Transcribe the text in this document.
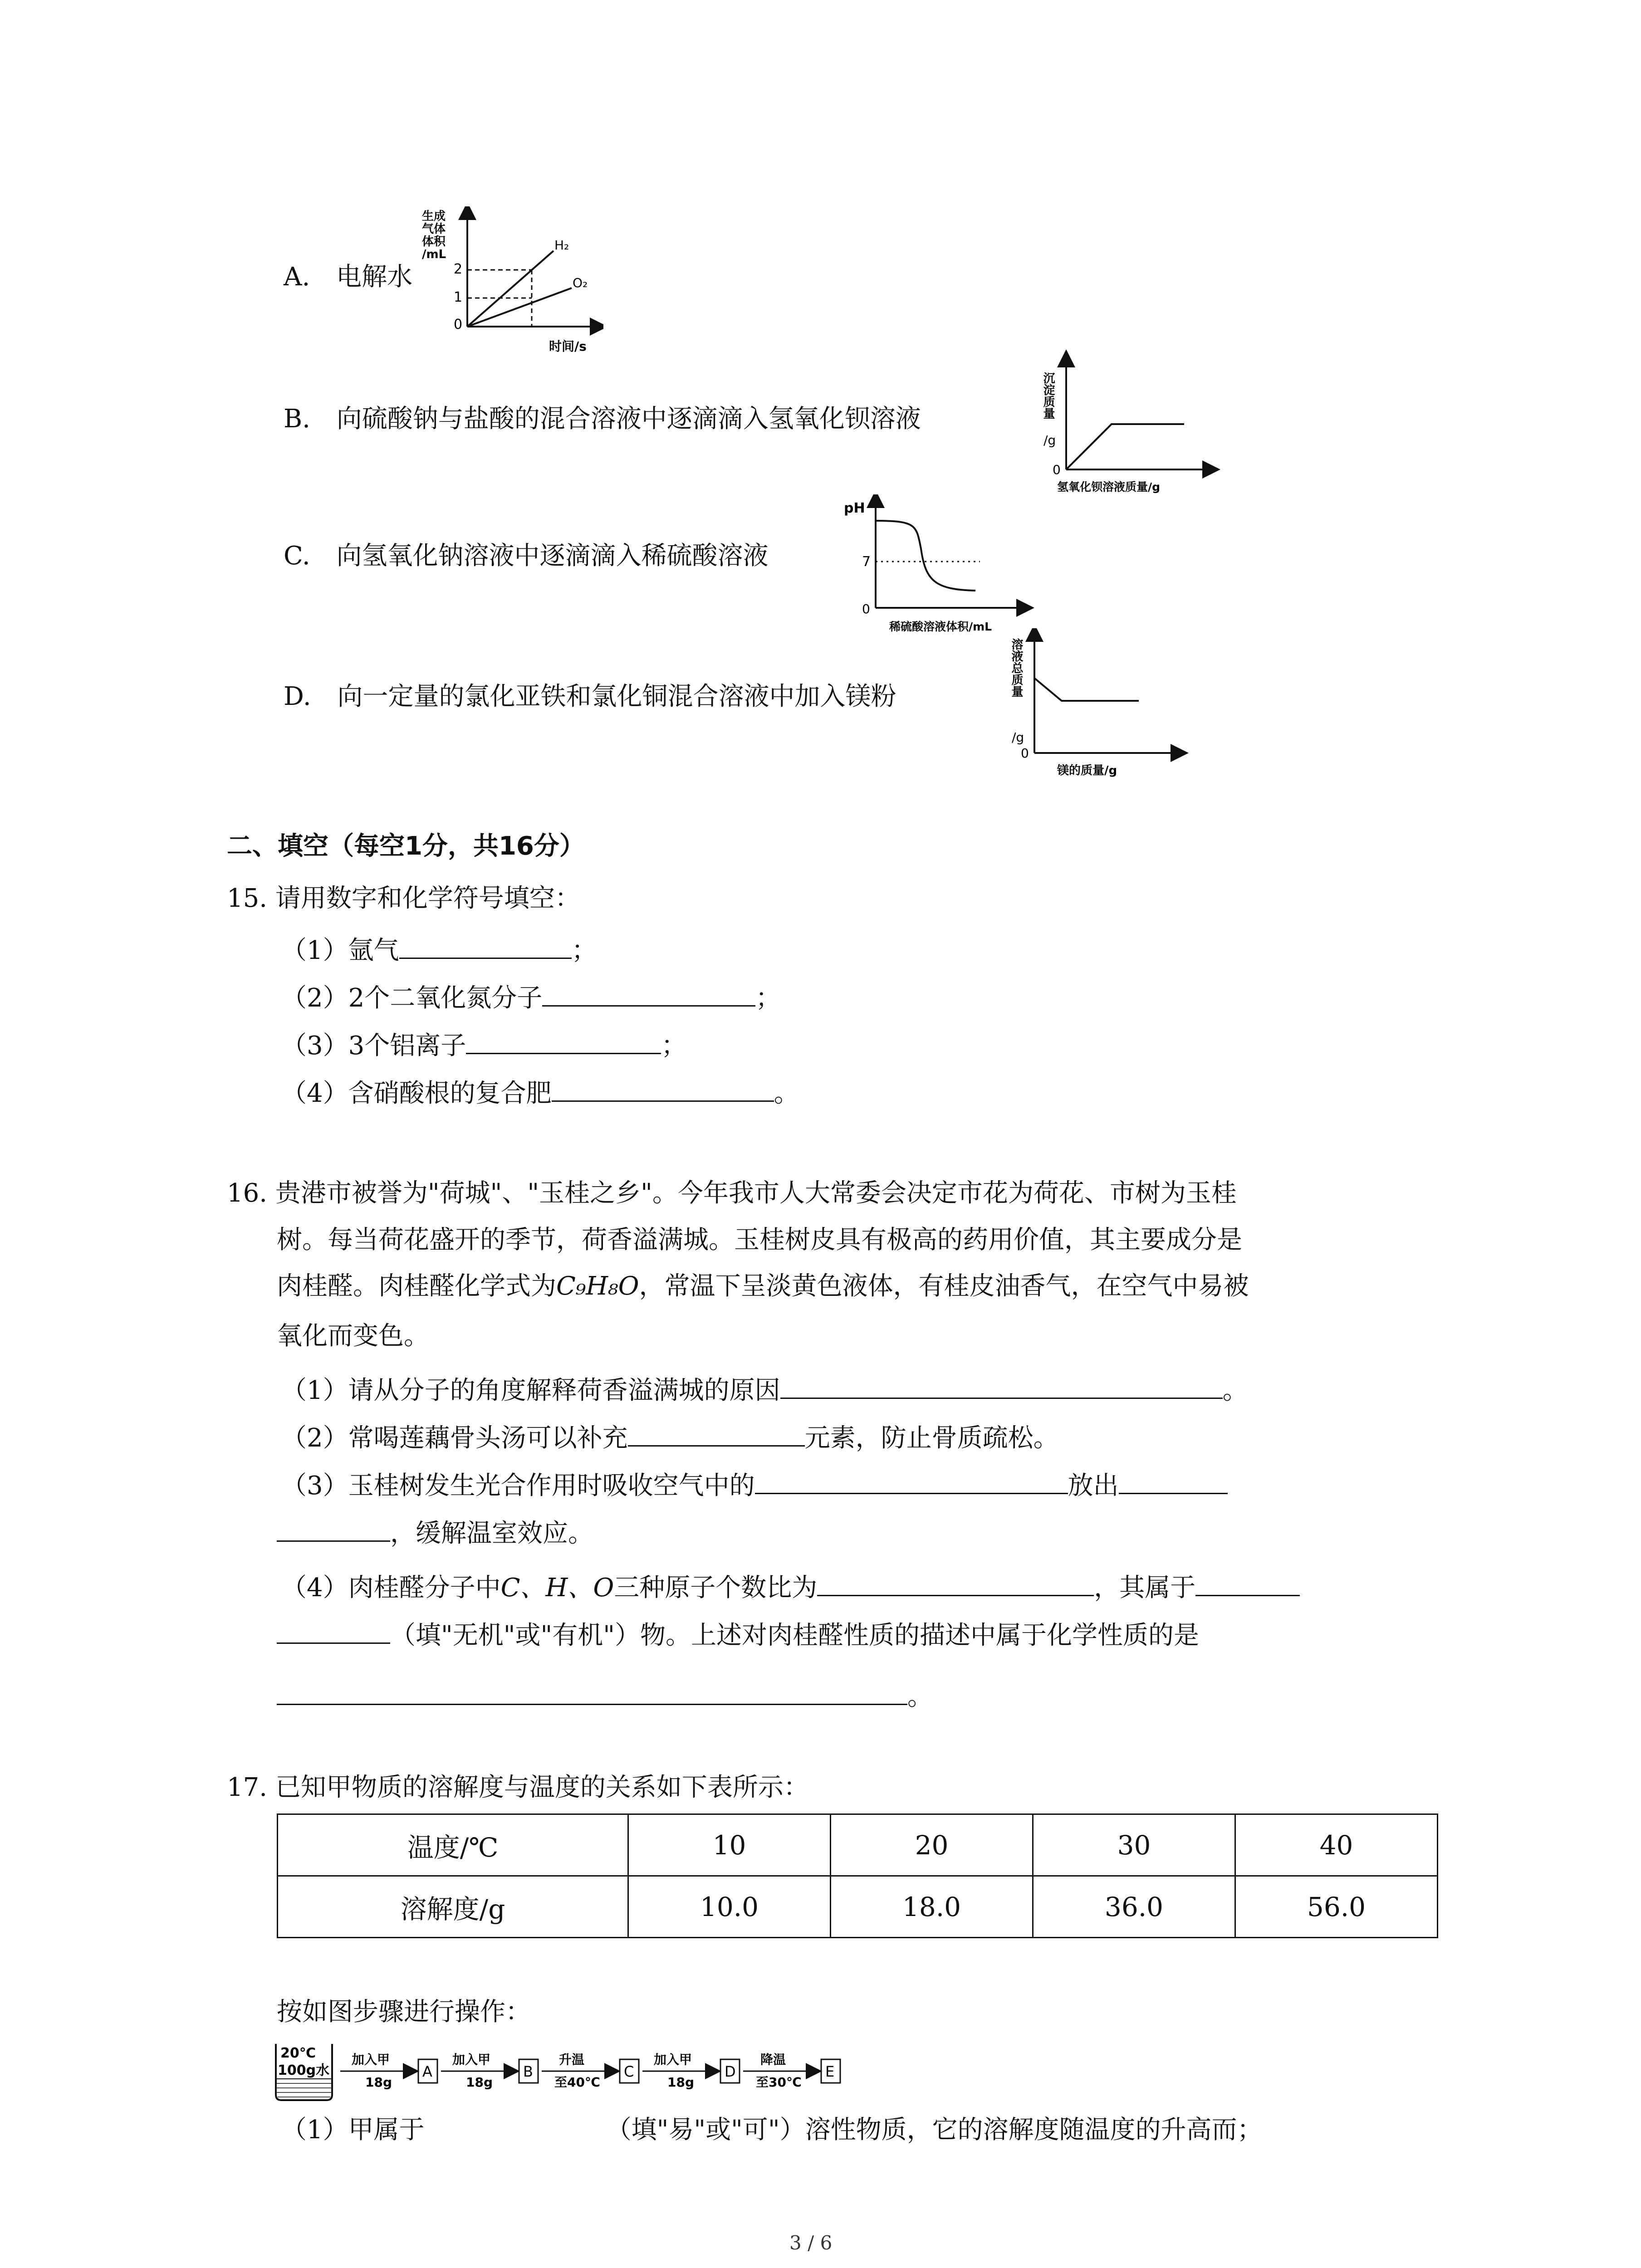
A. 电解水
生成
气体
体积
/mL
0
2
1
H₂
O₂
时间/s
B. 向硫酸钠与盐酸的混合溶液中逐滴滴入氢氧化钡溶液	沉淀质量
/g
0
氢氧化钡溶液质量/g
C. 向氢氧化钠溶液中逐滴滴入稀硫酸溶液
pH
0
7
稀硫酸溶液体积/mL
D. 向一定量的氯化亚铁和氯化铜混合溶液中加入镁粉	溶液总质量
/g
0
镁的质量/g
二、填空（每空1分，共16分）
15. 请用数字和化学符号填空：
（1）氩气	；
（2）2个二氧化氮分子	；
（3）3个铝离子	；
（4）含硝酸根的复合肥	。
16. 贵港市被誉为"荷城"、"玉桂之乡"。今年我市人大常委会决定市花为荷花、市树为玉桂
树。每当荷花盛开的季节，荷香溢满城。玉桂树皮具有极高的药用价值，其主要成分是
肉桂醛。肉桂醛化学式为C₉H₈O，常温下呈淡黄色液体，有桂皮油香气，在空气中易被
氧化而变色。
（1）请从分子的角度解释荷香溢满城的原因	。
（2）常喝莲藕骨头汤可以补充	元素，防止骨质疏松。
（3）玉桂树发生光合作用时吸收空气中的	放出
，缓解温室效应。
（4）肉桂醛分子中C、H、O三种原子个数比为	，其属于
（填"无机"或"有机"）物。上述对肉桂醛性质的描述中属于化学性质的是
。
17. 已知甲物质的溶解度与温度的关系如下表所示：
温度/℃	10	20	30	40
溶解度/g	10.0	18.0	36.0	56.0
按如图步骤进行操作：
20℃
100g水
加入甲
18g
A
加入甲
18g
B
升温
至40℃
C
加入甲
18g
D
降温
至30℃
E
（1）甲属于	（填"易"或"可"）溶性物质，它的溶解度随温度的升高而；
3 / 6
